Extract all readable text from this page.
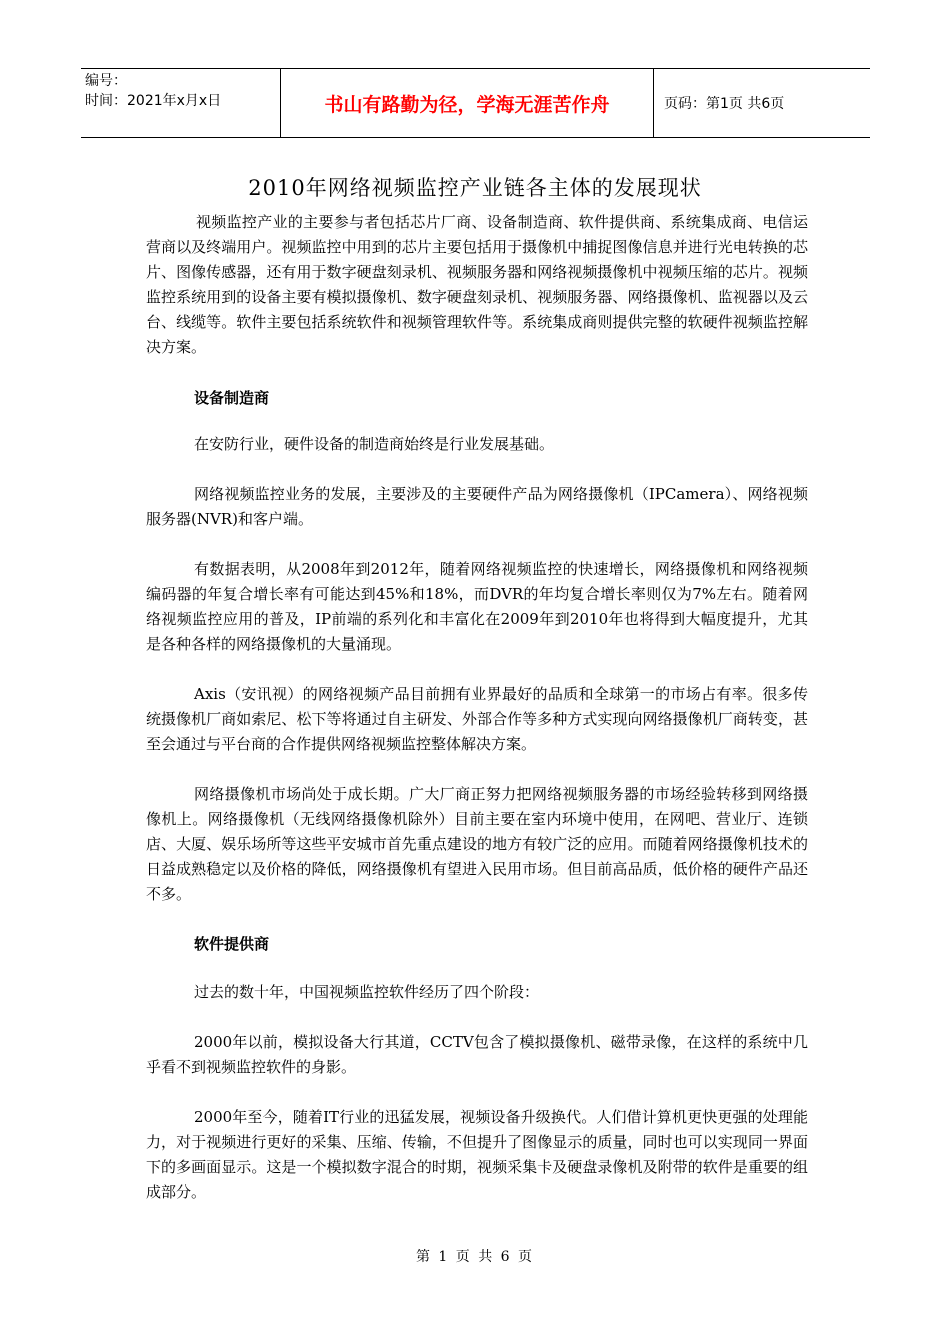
编号：
时间：2021年x月x日	书山有路勤为径，学海无涯苦作舟	页码：第1页 共6页
2010年网络视频监控产业链各主体的发展现状

视频监控产业的主要参与者包括芯片厂商、设备制造商、软件提供商、系统集成商、电信运营商以及终端用户。视频监控中用到的芯片主要包括用于摄像机中捕捉图像信息并进行光电转换的芯片、图像传感器，还有用于数字硬盘刻录机、视频服务器和网络视频摄像机中视频压缩的芯片。视频监控系统用到的设备主要有模拟摄像机、数字硬盘刻录机、视频服务器、网络摄像机、监视器以及云台、线缆等。软件主要包括系统软件和视频管理软件等。系统集成商则提供完整的软硬件视频监控解决方案。

设备制造商

在安防行业，硬件设备的制造商始终是行业发展基础。

网络视频监控业务的发展，主要涉及的主要硬件产品为网络摄像机（IPCamera）、网络视频服务器(NVR)和客户端。

有数据表明，从2008年到2012年，随着网络视频监控的快速增长，网络摄像机和网络视频编码器的年复合增长率有可能达到45%和18%，而DVR的年均复合增长率则仅为7%左右。随着网络视频监控应用的普及，IP前端的系列化和丰富化在2009年到2010年也将得到大幅度提升，尤其是各种各样的网络摄像机的大量涌现。

Axis（安讯视）的网络视频产品目前拥有业界最好的品质和全球第一的市场占有率。很多传统摄像机厂商如索尼、松下等将通过自主研发、外部合作等多种方式实现向网络摄像机厂商转变，甚至会通过与平台商的合作提供网络视频监控整体解决方案。

网络摄像机市场尚处于成长期。广大厂商正努力把网络视频服务器的市场经验转移到网络摄像机上。网络摄像机（无线网络摄像机除外）目前主要在室内环境中使用，在网吧、营业厅、连锁店、大厦、娱乐场所等这些平安城市首先重点建设的地方有较广泛的应用。而随着网络摄像机技术的日益成熟稳定以及价格的降低，网络摄像机有望进入民用市场。但目前高品质，低价格的硬件产品还不多。

软件提供商

过去的数十年，中国视频监控软件经历了四个阶段：

2000年以前，模拟设备大行其道，CCTV包含了模拟摄像机、磁带录像，在这样的系统中几乎看不到视频监控软件的身影。

2000年至今，随着IT行业的迅猛发展，视频设备升级换代。人们借计算机更快更强的处理能力，对于视频进行更好的采集、压缩、传输，不但提升了图像显示的质量，同时也可以实现同一界面下的多画面显示。这是一个模拟数字混合的时期，视频采集卡及硬盘录像机及附带的软件是重要的组成部分。

第 1 页 共 6 页
